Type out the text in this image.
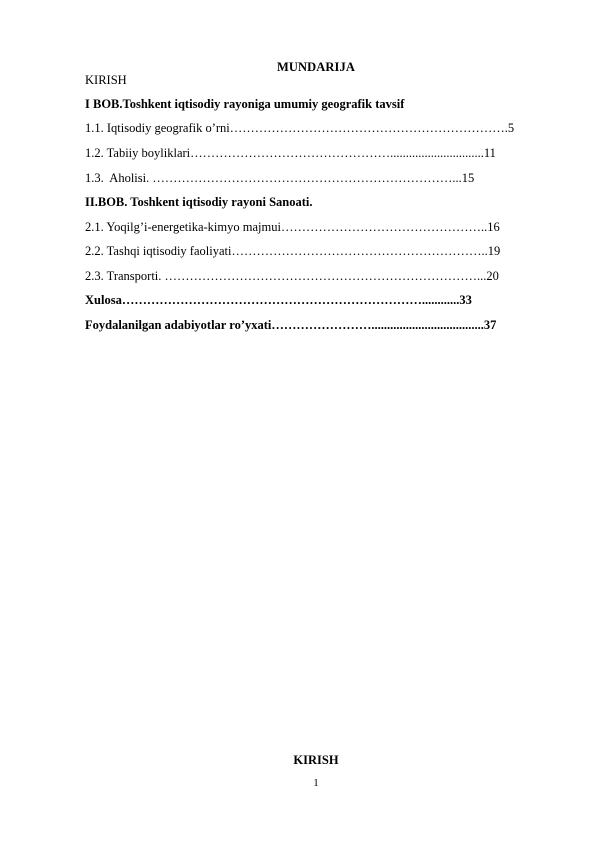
MUNDARIJA
KIRISH
I BOB.Toshkent iqtisodiy rayoniga umumiy geografik tavsif
1.1. Iqtisodiy geografik o’rni………………………………………………………….5
1.2. Tabiiy boyliklari…………………………………………..............................11
1.3.  Aholisi. ………………………………………………………………...15
II.BOB. Toshkent iqtisodiy rayoni Sanoati.
2.1. Yoqilg’i-energetika-kimyo majmui…………………………………………..16
2.2. Tashqi iqtisodiy faoliyati……………………………………………………..19
2.3. Transporti. …………………………………………………………………...20
Xulosa………………………………………………………………............33
Foydalanilgan adabiyotlar ro’yxati……………………....................................37
KIRISH
1
